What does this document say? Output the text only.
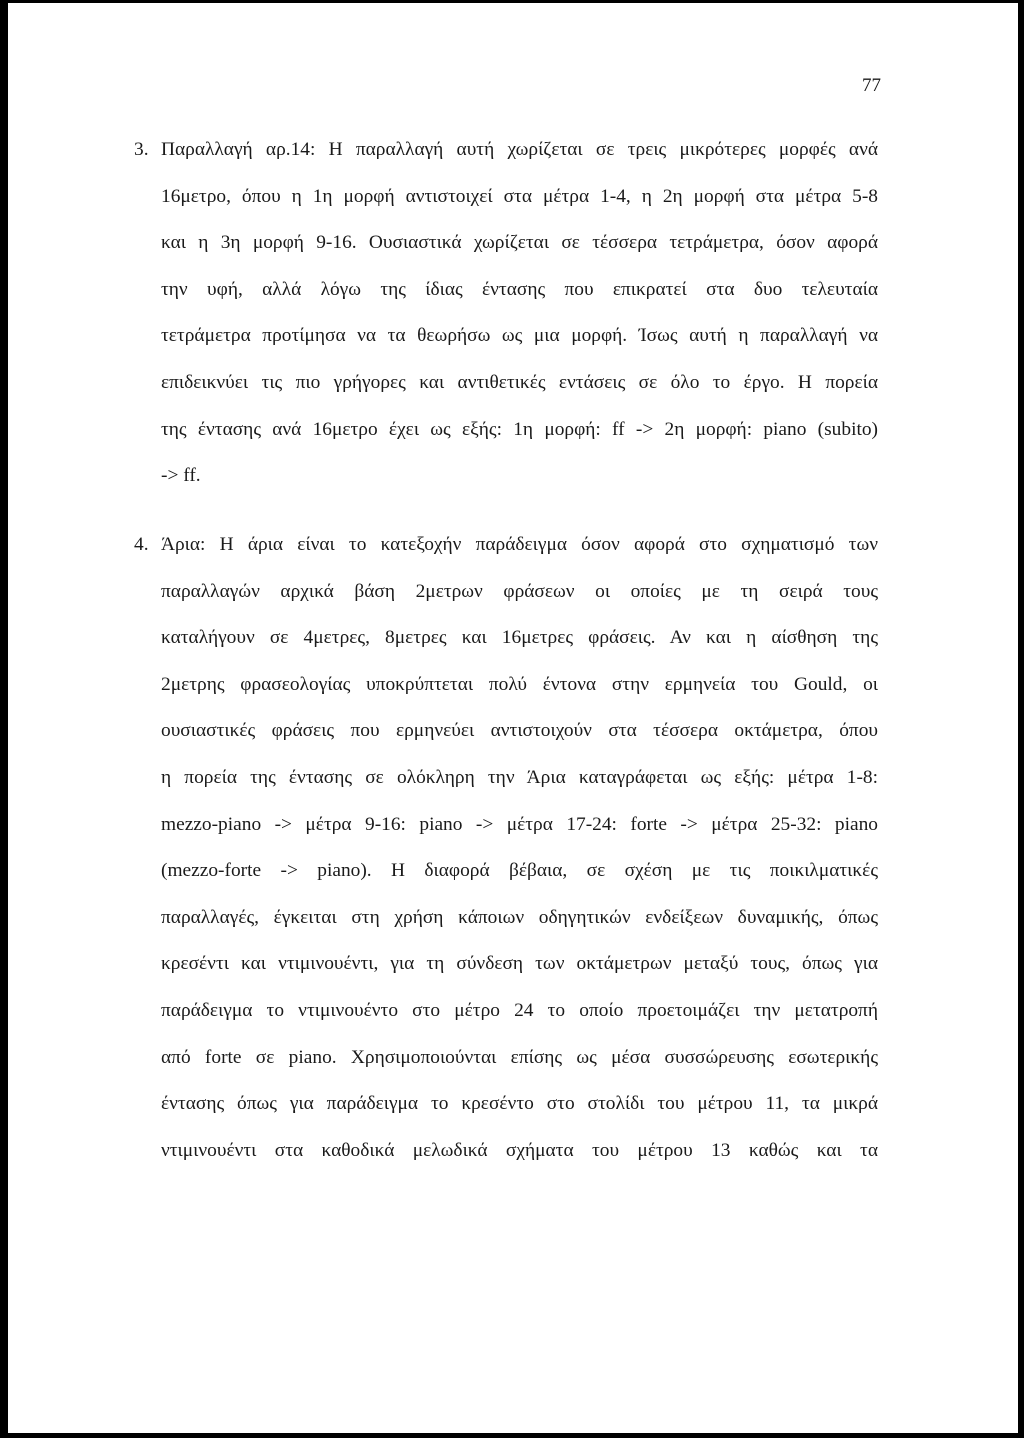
77
3. Παραλλαγή αρ.14: Η παραλλαγή αυτή χωρίζεται σε τρεις μικρότερες μορφές ανά
16μετρο, όπου η 1η μορφή αντιστοιχεί στα μέτρα 1-4, η 2η μορφή στα μέτρα 5-8
και η 3η μορφή 9-16. Ουσιαστικά χωρίζεται σε τέσσερα τετράμετρα, όσον αφορά
την υφή, αλλά λόγω της ίδιας έντασης που επικρατεί στα δυο τελευταία
τετράμετρα προτίμησα να τα θεωρήσω ως μια μορφή. Ίσως αυτή η παραλλαγή να
επιδεικνύει τις πιο γρήγορες και αντιθετικές εντάσεις σε όλο το έργο. Η πορεία
της έντασης ανά 16μετρο έχει ως εξής: 1η μορφή: ff -> 2η μορφή: piano (subito)
-> ff.
4. Άρια: Η άρια είναι το κατεξοχήν παράδειγμα όσον αφορά στο σχηματισμό των
παραλλαγών αρχικά βάση 2μετρων φράσεων οι οποίες με τη σειρά τους
καταλήγουν σε 4μετρες, 8μετρες και 16μετρες φράσεις. Αν και η αίσθηση της
2μετρης φρασεολογίας υποκρύπτεται πολύ έντονα στην ερμηνεία του Gould, οι
ουσιαστικές φράσεις που ερμηνεύει αντιστοιχούν στα τέσσερα οκτάμετρα, όπου
η πορεία της έντασης σε ολόκληρη την Άρια καταγράφεται ως εξής: μέτρα 1-8:
mezzo-piano -> μέτρα 9-16: piano -> μέτρα 17-24: forte -> μέτρα 25-32: piano
(mezzo-forte -> piano). Η διαφορά βέβαια, σε σχέση με τις ποικιλματικές
παραλλαγές, έγκειται στη χρήση κάποιων οδηγητικών ενδείξεων δυναμικής, όπως
κρεσέντι και ντιμινουέντι, για τη σύνδεση των οκτάμετρων μεταξύ τους, όπως για
παράδειγμα το ντιμινουέντο στο μέτρο 24 το οποίο προετοιμάζει την μετατροπή
από forte σε piano. Χρησιμοποιούνται επίσης ως μέσα συσσώρευσης εσωτερικής
έντασης όπως για παράδειγμα το κρεσέντο στο στολίδι του μέτρου 11, τα μικρά
ντιμινουέντι στα καθοδικά μελωδικά σχήματα του μέτρου 13 καθώς και τα
